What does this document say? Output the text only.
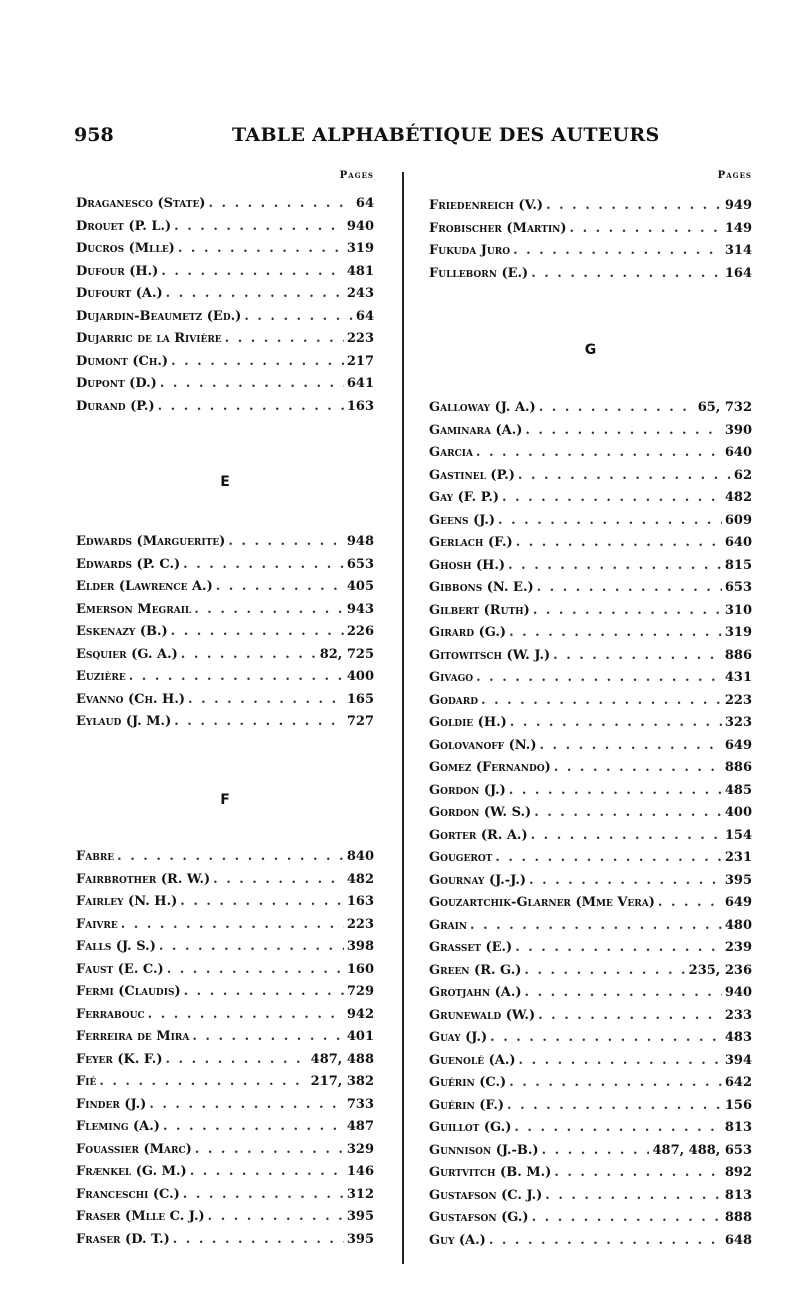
958	TABLE ALPHABÉTIQUE DES AUTEURS
Pages
Draganesco (State) . . .	64
Drouet (P. L.) . . .	940
Ducros (Mlle) . . .	319
Dufour (H.) . . .	481
Dufourt (A.) . . .	243
Dujardin-Beaumetz (Ed.) . . .	64
Dujarric de la Rivière . . .	223
Dumont (Ch.) . . .	217
Dupont (D.) . . .	641
Durand (P.) . . .	163
E
Edwards (Marguerite) . . .	948
Edwards (P. C.) . . .	653
Elder (Lawrence A.) . . .	405
Emerson Megrail . . .	943
Eskenazy (B.) . . .	226
Esquier (G. A.) . . .	82, 725
Euzière . . .	400
Evanno (Ch. H.) . . .	165
Eylaud (J. M.) . . .	727
F
Fabre . . .	840
Fairbrother (R. W.) . . .	482
Fairley (N. H.) . . .	163
Faivre . . .	223
Falls (J. S.) . . .	398
Faust (E. C.) . . .	160
Fermi (Claudis) . . .	729
Ferrabouc . . .	942
Ferreira de Mira . . .	401
Feyer (K. F.) . . .	487, 488
Fié . . .	217, 382
Finder (J.) . . .	733
Fleming (A.) . . .	487
Fouassier (Marc) . . .	329
Frænkel (G. M.) . . .	146
Franceschi (C.) . . .	312
Fraser (Mlle C. J.) . . .	395
Fraser (D. T.) . . .	395
Pages
Friedenreich (V.) . . .	949
Frobischer (Martin) . . .	149
Fukuda Juro . . .	314
Fulleborn (E.) . . .	164
G
Galloway (J. A.) . . .	65, 732
Gaminara (A.) . . .	390
Garcia . . .	640
Gastinel (P.) . . .	62
Gay (F. P.) . . .	482
Geens (J.) . . .	609
Gerlach (F.) . . .	640
Ghosh (H.) . . .	815
Gibbons (N. E.) . . .	653
Gilbert (Ruth) . . .	310
Girard (G.) . . .	319
Gitowitsch (W. J.) . . .	886
Givago . . .	431
Godard . . .	223
Goldie (H.) . . .	323
Golovanoff (N.) . . .	649
Gomez (Fernando) . . .	886
Gordon (J.) . . .	485
Gordon (W. S.) . . .	400
Gorter (R. A.) . . .	154
Gougerot . . .	231
Gournay (J.-J.) . . .	395
Gouzartchik-Glarner (Mme Vera) . . .	649
Grain . . .	480
Grasset (E.) . . .	239
Green (R. G.) . . .	235, 236
Grotjahn (A.) . . .	940
Grunewald (W.) . . .	233
Guay (J.) . . .	483
Guenolé (A.) . . .	394
Guérin (C.) . . .	642
Guérin (F.) . . .	156
Guillot (G.) . . .	813
Gunnison (J.-B.) . . .	487, 488, 653
Gurtvitch (B. M.) . . .	892
Gustafson (C. J.) . . .	813
Gustafson (G.) . . .	888
Guy (A.) . . .	648
